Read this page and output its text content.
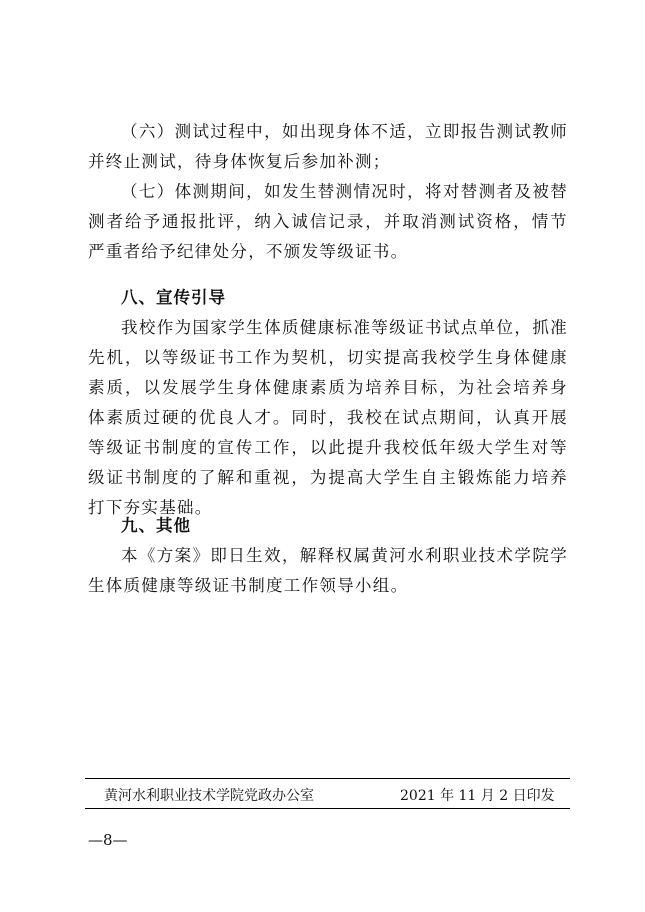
（六）测试过程中，如出现身体不适，立即报告测试教师并终止测试，待身体恢复后参加补测；

（七）体测期间，如发生替测情况时，将对替测者及被替测者给予通报批评，纳入诚信记录，并取消测试资格，情节严重者给予纪律处分，不颁发等级证书。

八、宣传引导

我校作为国家学生体质健康标准等级证书试点单位，抓准先机，以等级证书工作为契机，切实提高我校学生身体健康素质，以发展学生身体健康素质为培养目标，为社会培养身体素质过硬的优良人才。同时，我校在试点期间，认真开展等级证书制度的宣传工作，以此提升我校低年级大学生对等级证书制度的了解和重视，为提高大学生自主锻炼能力培养打下夯实基础。

九、其他

本《方案》即日生效，解释权属黄河水利职业技术学院学生体质健康等级证书制度工作领导小组。

黄河水利职业技术学院党政办公室	2021 年 11 月 2 日印发
—8—
